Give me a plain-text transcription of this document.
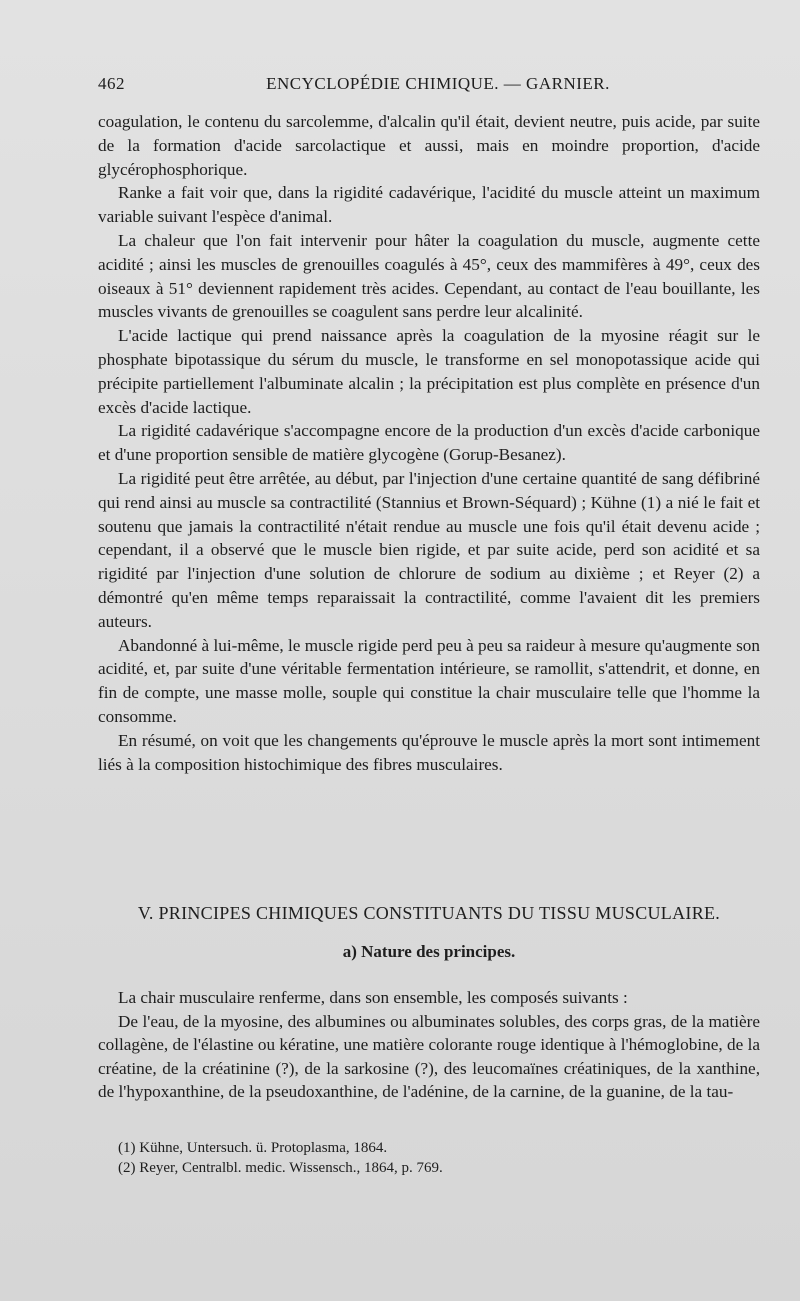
462	ENCYCLOPÉDIE CHIMIQUE. — GARNIER.

coagulation, le contenu du sarcolemme, d'alcalin qu'il était, devient neutre, puis acide, par suite de la formation d'acide sarcolactique et aussi, mais en moindre proportion, d'acide glycérophosphorique.

Ranke a fait voir que, dans la rigidité cadavérique, l'acidité du muscle atteint un maximum variable suivant l'espèce d'animal.

La chaleur que l'on fait intervenir pour hâter la coagulation du muscle, augmente cette acidité ; ainsi les muscles de grenouilles coagulés à 45°, ceux des mammifères à 49°, ceux des oiseaux à 51° deviennent rapidement très acides. Cependant, au contact de l'eau bouillante, les muscles vivants de grenouilles se coagulent sans perdre leur alcalinité.

L'acide lactique qui prend naissance après la coagulation de la myosine réagit sur le phosphate bipotassique du sérum du muscle, le transforme en sel monopotassique acide qui précipite partiellement l'albuminate alcalin ; la précipitation est plus complète en présence d'un excès d'acide lactique.

La rigidité cadavérique s'accompagne encore de la production d'un excès d'acide carbonique et d'une proportion sensible de matière glycogène (Gorup-Besanez).

La rigidité peut être arrêtée, au début, par l'injection d'une certaine quantité de sang défibriné qui rend ainsi au muscle sa contractilité (Stannius et Brown-Séquard) ; Kühne (1) a nié le fait et soutenu que jamais la contractilité n'était rendue au muscle une fois qu'il était devenu acide ; cependant, il a observé que le muscle bien rigide, et par suite acide, perd son acidité et sa rigidité par l'injection d'une solution de chlorure de sodium au dixième ; et Reyer (2) a démontré qu'en même temps reparaissait la contractilité, comme l'avaient dit les premiers auteurs.

Abandonné à lui-même, le muscle rigide perd peu à peu sa raideur à mesure qu'augmente son acidité, et, par suite d'une véritable fermentation intérieure, se ramollit, s'attendrit, et donne, en fin de compte, une masse molle, souple qui constitue la chair musculaire telle que l'homme la consomme.

En résumé, on voit que les changements qu'éprouve le muscle après la mort sont intimement liés à la composition histochimique des fibres musculaires.

V. PRINCIPES CHIMIQUES CONSTITUANTS DU TISSU MUSCULAIRE.
a) Nature des principes.

La chair musculaire renferme, dans son ensemble, les composés suivants :

De l'eau, de la myosine, des albumines ou albuminates solubles, des corps gras, de la matière collagène, de l'élastine ou kératine, une matière colorante rouge identique à l'hémoglobine, de la créatine, de la créatinine (?), de la sarkosine (?), des leucomaïnes créatiniques, de la xanthine, de l'hypoxanthine, de la pseudoxanthine, de l'adénine, de la carnine, de la guanine, de la tau-

(1) Kühne, Untersuch. ü. Protoplasma, 1864.
(2) Reyer, Centralbl. medic. Wissensch., 1864, p. 769.
